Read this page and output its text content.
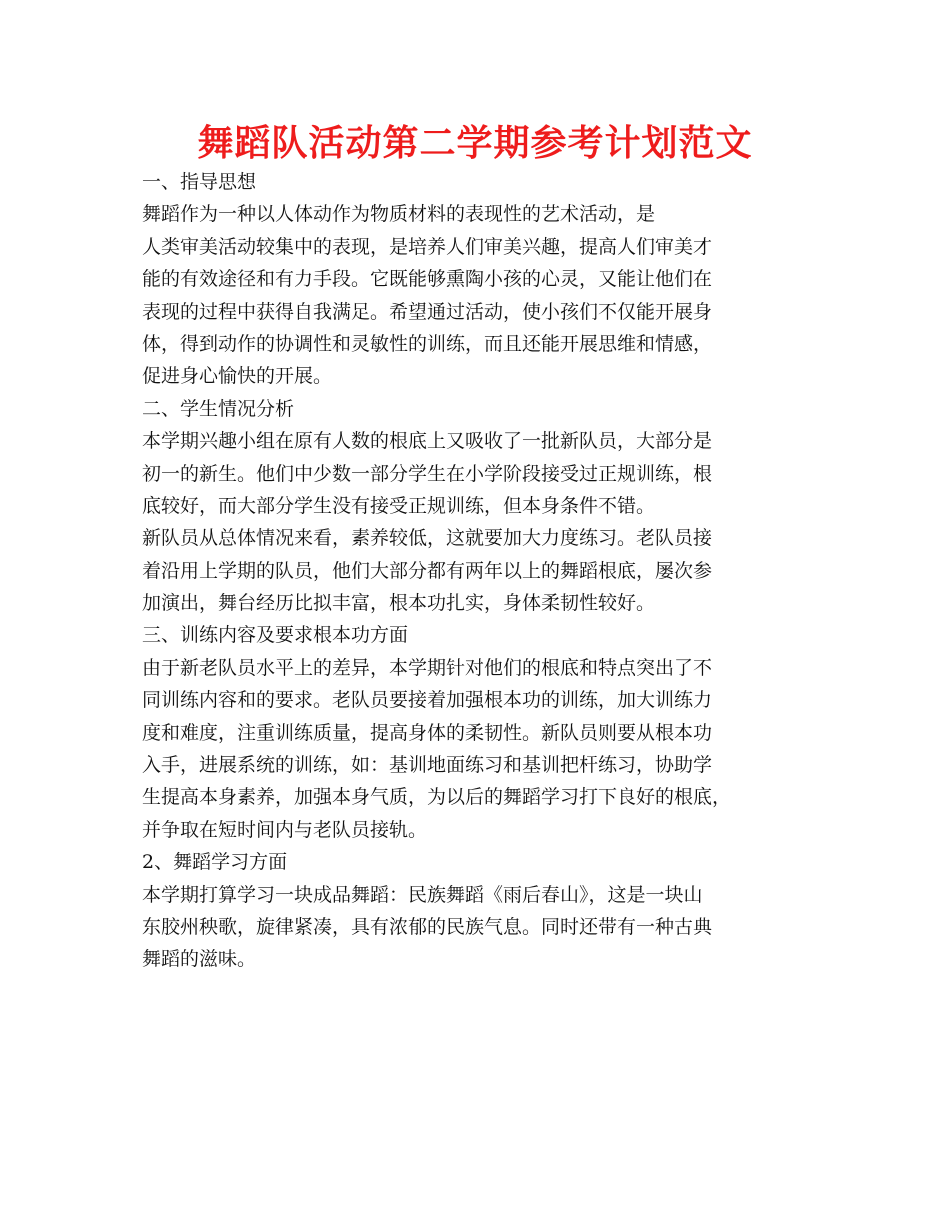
舞蹈队活动第二学期参考计划范文
一、指导思想
舞蹈作为一种以人体动作为物质材料的表现性的艺术活动，是
人类审美活动较集中的表现，是培养人们审美兴趣，提高人们审美才
能的有效途径和有力手段。它既能够熏陶小孩的心灵，又能让他们在
表现的过程中获得自我满足。希望通过活动，使小孩们不仅能开展身
体，得到动作的协调性和灵敏性的训练，而且还能开展思维和情感，
促进身心愉快的开展。
二、学生情况分析
本学期兴趣小组在原有人数的根底上又吸收了一批新队员，大部分是
初一的新生。他们中少数一部分学生在小学阶段接受过正规训练，根
底较好，而大部分学生没有接受正规训练，但本身条件不错。
新队员从总体情况来看，素养较低，这就要加大力度练习。老队员接
着沿用上学期的队员，他们大部分都有两年以上的舞蹈根底，屡次参
加演出，舞台经历比拟丰富，根本功扎实，身体柔韧性较好。
三、训练内容及要求根本功方面
由于新老队员水平上的差异，本学期针对他们的根底和特点突出了不
同训练内容和的要求。老队员要接着加强根本功的训练，加大训练力
度和难度，注重训练质量，提高身体的柔韧性。新队员则要从根本功
入手，进展系统的训练，如：基训地面练习和基训把杆练习，协助学
生提高本身素养，加强本身气质，为以后的舞蹈学习打下良好的根底，
并争取在短时间内与老队员接轨。
2、舞蹈学习方面
本学期打算学习一块成品舞蹈：民族舞蹈《雨后春山》，这是一块山
东胶州秧歌，旋律紧凑，具有浓郁的民族气息。同时还带有一种古典
舞蹈的滋味。
